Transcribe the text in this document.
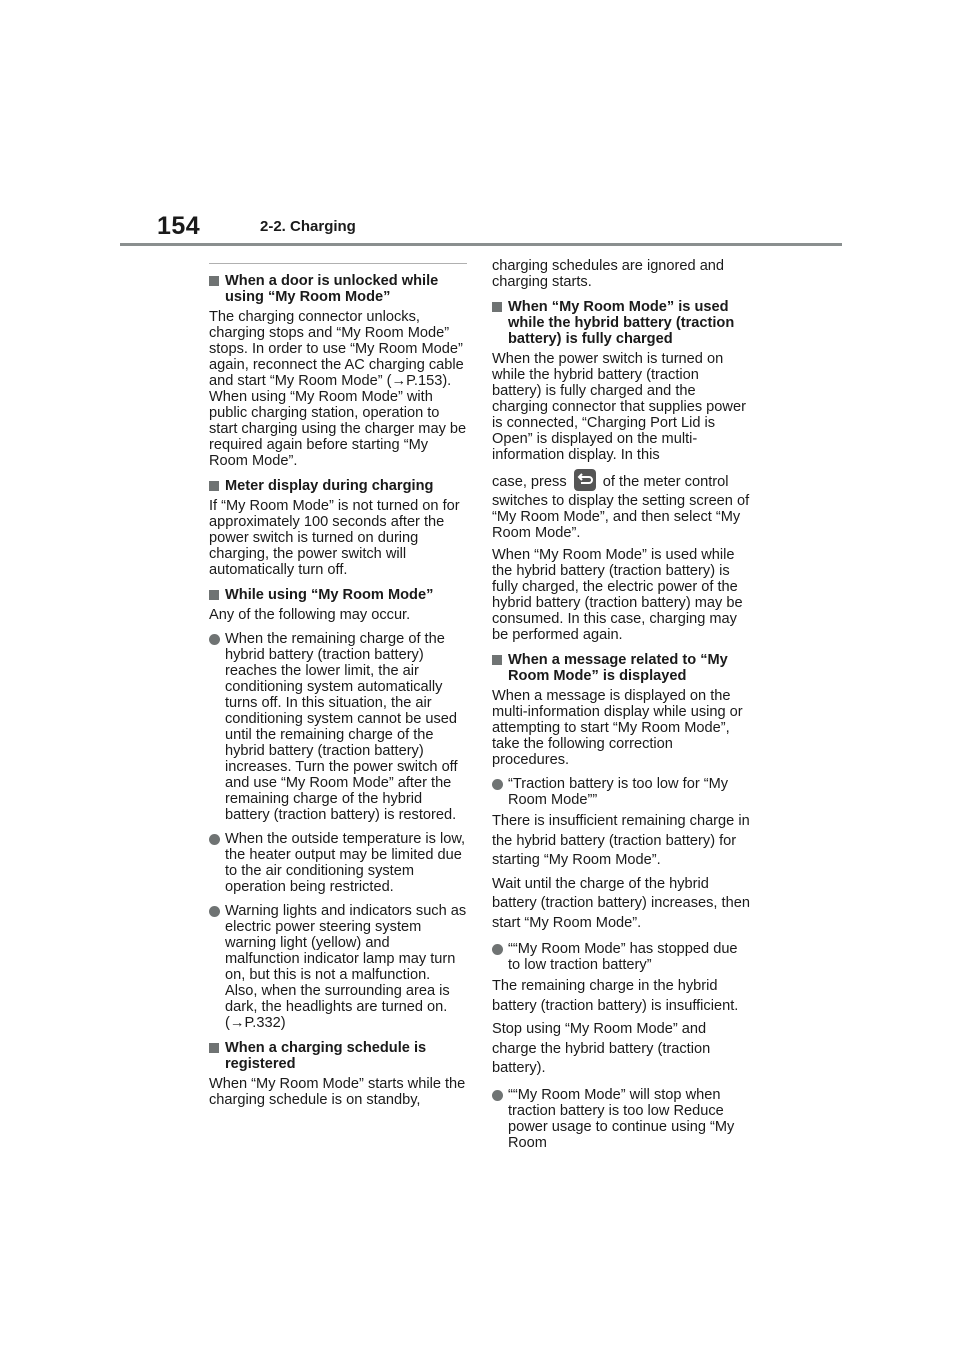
154	2-2. Charging
When a door is unlocked while using “My Room Mode”
The charging connector unlocks, charging stops and “My Room Mode” stops. In order to use “My Room Mode” again, reconnect the AC charging cable and start “My Room Mode” (→P.153). When using “My Room Mode” with public charging station, operation to start charging using the charger may be required again before starting “My Room Mode”.
Meter display during charging
If “My Room Mode” is not turned on for approximately 100 seconds after the power switch is turned on during charging, the power switch will automatically turn off.
While using “My Room Mode”
Any of the following may occur.
When the remaining charge of the hybrid battery (traction battery) reaches the lower limit, the air conditioning system automatically turns off. In this situation, the air conditioning system cannot be used until the remaining charge of the hybrid battery (traction battery) increases. Turn the power switch off and use “My Room Mode” after the remaining charge of the hybrid battery (traction battery) is restored.
When the outside temperature is low, the heater output may be limited due to the air conditioning system operation being restricted.
Warning lights and indicators such as electric power steering system warning light (yellow) and malfunction indicator lamp may turn on, but this is not a malfunction.
Also, when the surrounding area is dark, the headlights are turned on.
(→P.332)
When a charging schedule is registered
When “My Room Mode” starts while the charging schedule is on standby,
charging schedules are ignored and charging starts.
When “My Room Mode” is used while the hybrid battery (traction battery) is fully charged
When the power switch is turned on while the hybrid battery (traction battery) is fully charged and the charging connector that supplies power is connected, “Charging Port Lid is Open” is displayed on the multi-information display. In this
case, press of the meter control switches to display the setting screen of “My Room Mode”, and then select “My Room Mode”.
When “My Room Mode” is used while the hybrid battery (traction battery) is fully charged, the electric power of the hybrid battery (traction battery) may be consumed. In this case, charging may be performed again.
When a message related to “My Room Mode” is displayed
When a message is displayed on the multi-information display while using or attempting to start “My Room Mode”, take the following correction procedures.
“Traction battery is too low for “My Room Mode””
There is insufficient remaining charge in the hybrid battery (traction battery) for starting “My Room Mode”.
Wait until the charge of the hybrid battery (traction battery) increases, then start “My Room Mode”.
““My Room Mode” has stopped due to low traction battery”
The remaining charge in the hybrid battery (traction battery) is insufficient.
Stop using “My Room Mode” and charge the hybrid battery (traction battery).
““My Room Mode” will stop when traction battery is too low Reduce power usage to continue using “My Room
